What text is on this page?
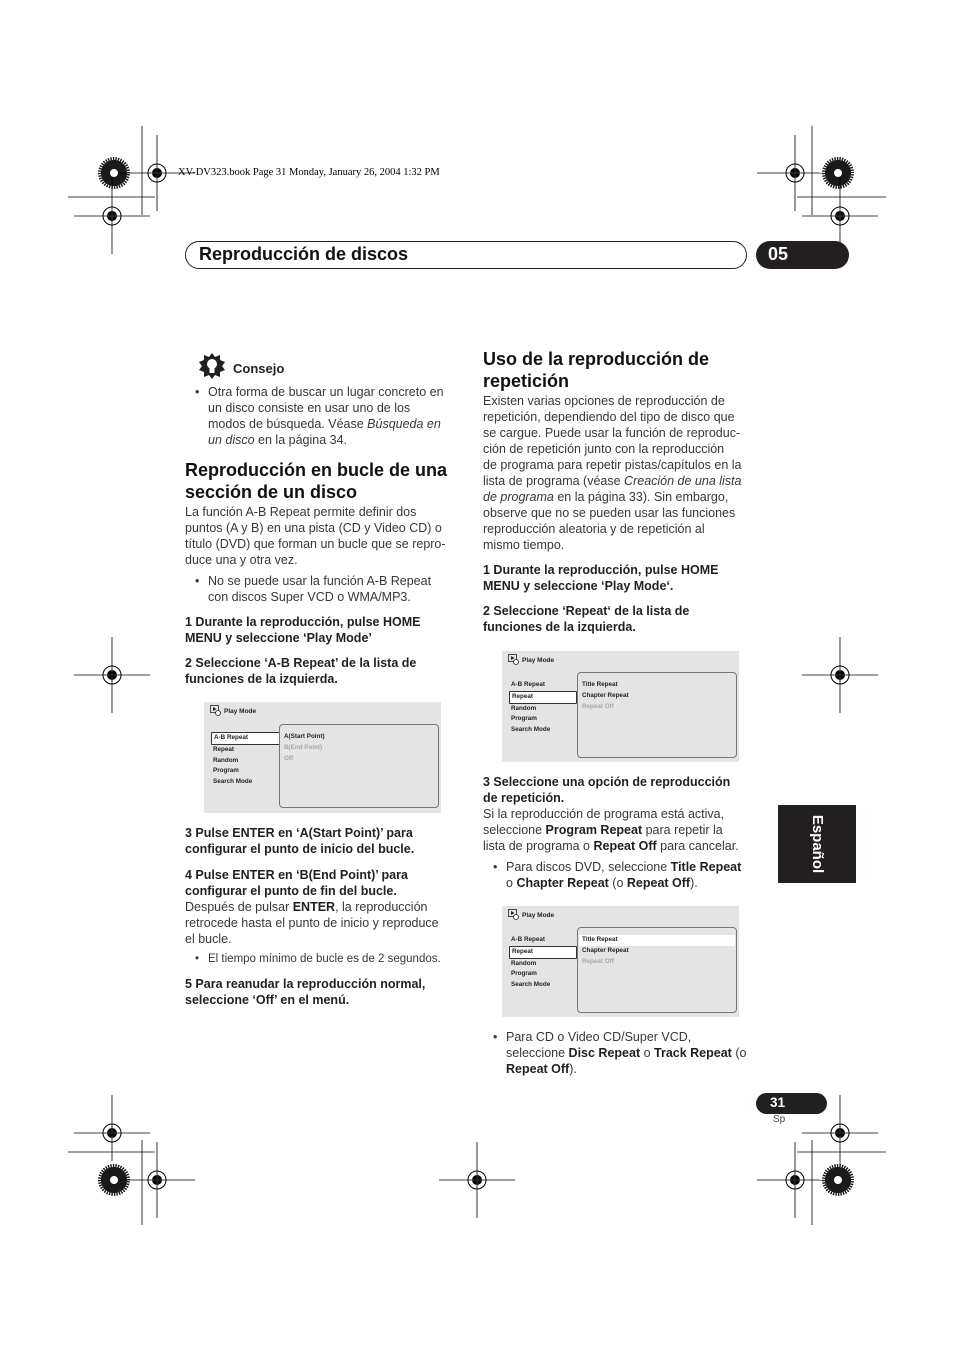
XV-DV323.book Page 31 Monday, January 26, 2004 1:32 PM
Reproducción de discos	05
Español
Consejo
• Otra forma de buscar un lugar concreto en
un disco consiste en usar uno de los
modos de búsqueda. Véase Búsqueda en
un disco en la página 34.
Reproducción en bucle de una
sección de un disco
La función A-B Repeat permite definir dos
puntos (A y B) en una pista (CD y Video CD) o
título (DVD) que forman un bucle que se repro-
duce una y otra vez.
• No se puede usar la función A-B Repeat
con discos Super VCD o WMA/MP3.
1 Durante la reproducción, pulse HOME
MENU y seleccione ‘Play Mode’
2 Seleccione ‘A-B Repeat’ de la lista de
funciones de la izquierda.
Play Mode
A-B Repeat
Repeat
Random
Program
Search Mode
A(Start Point)
B(End Point)
Off
3 Pulse ENTER en ‘A(Start Point)’ para
configurar el punto de inicio del bucle.
4 Pulse ENTER en ‘B(End Point)’ para
configurar el punto de fin del bucle.
Después de pulsar ENTER, la reproducción
retrocede hasta el punto de inicio y reproduce
el bucle.
• El tiempo mínimo de bucle es de 2 segundos.
5 Para reanudar la reproducción normal,
seleccione ‘Off’ en el menú.
Uso de la reproducción de
repetición
Existen varias opciones de reproducción de
repetición, dependiendo del tipo de disco que
se cargue. Puede usar la función de reproduc-
ción de repetición junto con la reproducción
de programa para repetir pistas/capítulos en la
lista de programa (véase Creación de una lista
de programa en la página 33). Sin embargo,
observe que no se pueden usar las funciones
reproducción aleatoria y de repetición al
mismo tiempo.
1 Durante la reproducción, pulse HOME
MENU y seleccione ‘Play Mode‘.
2 Seleccione ‘Repeat‘ de la lista de
funciones de la izquierda.
Play Mode
A-B Repeat
Repeat
Random
Program
Search Mode
Title Repeat
Chapter Repeat
Repeat Off
3 Seleccione una opción de reproducción
de repetición.
Si la reproducción de programa está activa,
seleccione Program Repeat para repetir la
lista de programa o Repeat Off para cancelar.
• Para discos DVD, seleccione Title Repeat
o Chapter Repeat (o Repeat Off).
Play Mode
A-B Repeat
Repeat
Random
Program
Search Mode
Title Repeat
Chapter Repeat
Repeat Off
• Para CD o Video CD/Super VCD,
seleccione Disc Repeat o Track Repeat (o
Repeat Off).
31
Sp
